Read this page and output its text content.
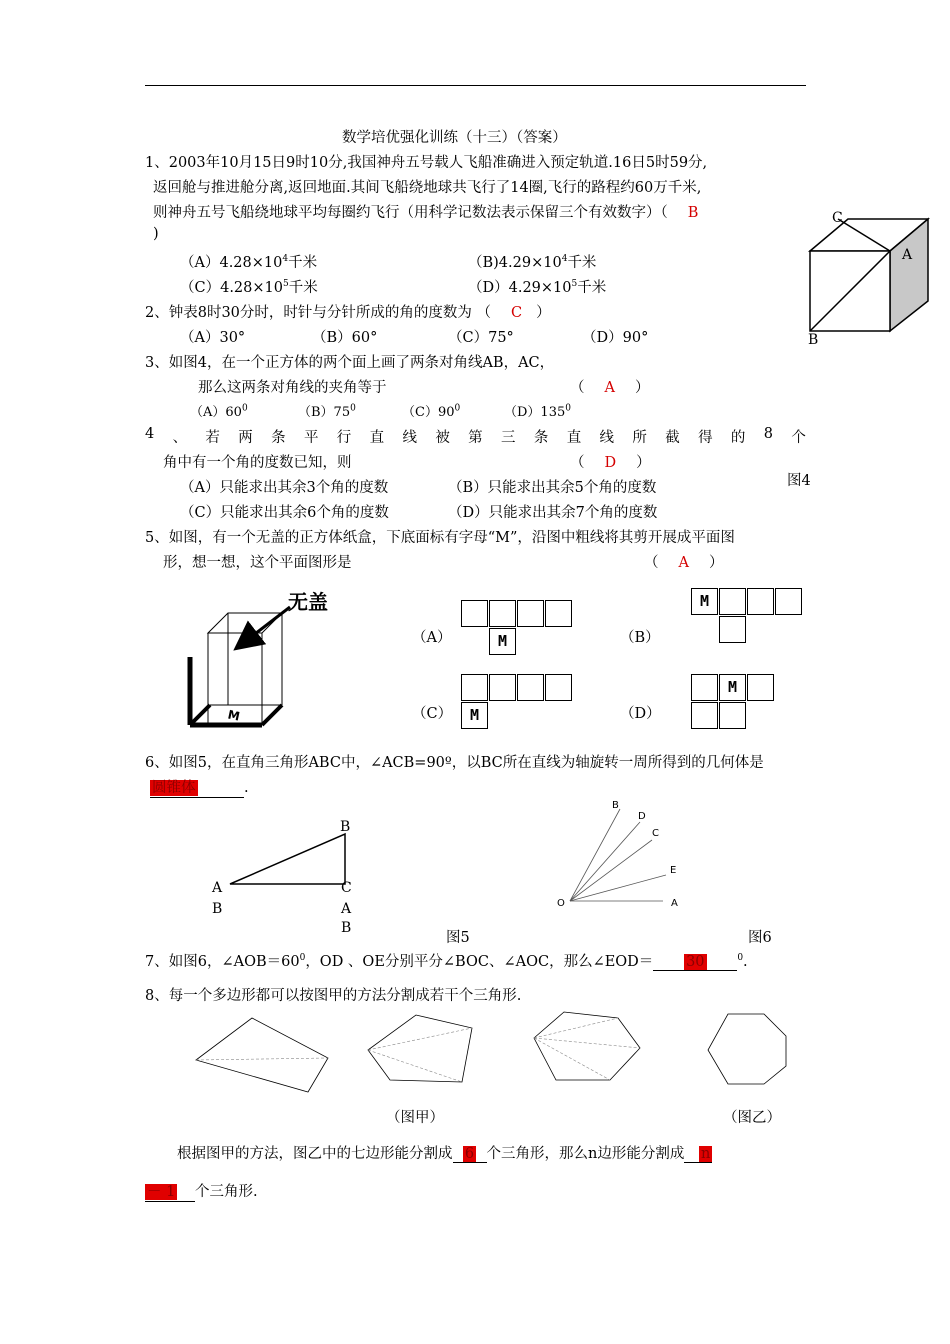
数学培优强化训练（十三）（答案）
1、2003年10月15日9时10分,我国神舟五号载人飞船准确进入预定轨道.16日5时59分,
返回舱与推进舱分离,返回地面.其间飞船绕地球共飞行了14圈,飞行的路程约60万千米,
则神舟五号飞船绕地球平均每圈约飞行（用科学记数法表示保留三个有效数字）（ B
)
$(A)4.28\times 10^4$千米	$(B)4.29\times 10^4$千米
$(C)4.28\times 10^5$千米	$(D)4.29\times 10^5$千米
2、钟表8时30分时，时针与分针所成的角的度数为 （ C ）
（A）30°	（B）60°	（C）75°	（D）90°
3、如图4，在一个正方体的两个面上画了两条对角线AB，AC，
那么这两条对角线的夹角等于	（ A ）
$(A)60^0$	$(B)75^0$	$(C)90^0$	$(D)135^0$
4 、 若 两 条 平 行 直 线 被 第 三 条 直 线 所 截 得 的 8 个
角中有一个角的度数已知，则	（ D ）
（A）只能求出其余3个角的度数	（B）只能求出其余5个角的度数
（C）只能求出其余6个角的度数	（D）只能求出其余7个角的度数
C
A
B
图4
5、如图，有一个无盖的正方体纸盒，下底面标有字母“M”，沿图中粗线将其剪开展成平面图
形，想一想，这个平面图形是	（ A ）
无盖
M
（A）	M	（B）
M
（C）	M	（D）
M
6、如图5，在直角三角形ABC中，∠ACB=90º，以BC所在直线为轴旋转一周所得到的几何体是
圆锥体	.
B
A
B
C
A
B
图5
B
D
C
E
O	A
图6
7、如图6，$\angle AOB=60^0$，OD 、OE分别平分∠BOC、∠AOC，那么∠EOD＝ 30	$^0$.
8、每一个多边形都可以按图甲的方法分割成若干个三角形.
（图甲）	（图乙）
根据图甲的方法，图乙中的七边形能分割成 6 个三角形，那么n边形能分割成 n
－ 1 个三角形.
